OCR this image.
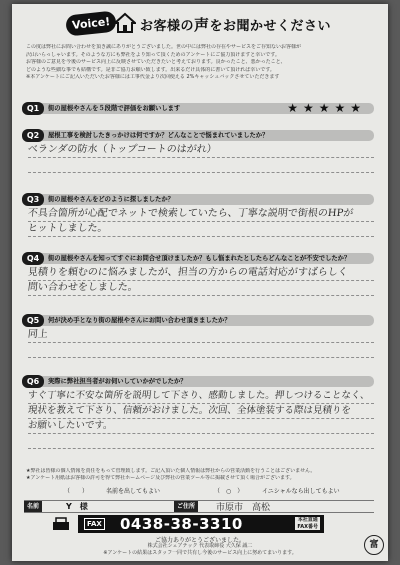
Voice!	お客様の声をお聞かせください

この度は弊社にお問い合わせを頂き誠にありがとうございました。世の中には弊社の存在やサービスをご存知ないお客様が

沢山いらっしゃいます。そのような方にも弊社をより知って頂くためのアンケートにご協力頂けますと幸いです。

お客様のご意見を今後のサービス向上に反映させていただきたいと考えております。良かったこと、悪かったこと、

どのような些細な事でも結構です。是非ご協力お願い致します。出来るだけ具体的に書いて頂ければ幸いです。

※本アンケートにご記入いただいたお客様には工事代金より次回使える 2%キャッシュバックさせていただきます

Q1	街の屋根やさんを５段階で評価をお願いします	★★★★★
Q2	屋根工事を検討したきっかけは何ですか？どんなことで悩まれていましたか？
ベランダの防水（トップコートのはがれ）
Q3	街の屋根やさんをどのように探しましたか？
不具合箇所が心配でネットで検索していたら、丁寧な説明で街根のHPが
ヒットしました。
Q4	街の屋根やさんを知ってすぐにお問合せ頂けましたか？もし悩まれたとしたらどんなことが不安でしたか？
見積りを頼むのに悩みましたが、担当の方からの電話対応がすばらしく
問い合わせをしました。
Q5	何が決め手となり街の屋根やさんにお問い合わせ頂きましたか？
同上
Q6	実際に弊社担当者がお伺いしていかがでしたか？
すぐ丁寧に不安な箇所を説明して下さり、感動しました。押しつけることなく、
現状を教えて下さり、信頼がおけました。次回、全体塗装する際は見積りを
お願いしたいです。

★弊社は皆様の個人情報を責任をもって管理致します。ご記入頂いた個人情報は弊社からの営業活動を行うことはございません。

★アンケート用紙はお客様の許可を得て弊社ホームページ及び弊社の営業ツール等に掲載させて頂く場合がございます。

（　　）	名前を出してもよい	（　○　）	イニシャルなら出してもよい
名前	Y　様	ご住所	市原市　高松
FAX 0438-38-3310	本社直通
FAX番号
ご協力ありがとうございました。
株式会社シェアテック 代表取締役 大久保 誠二
※アンケートの結果はスタッフ一同で共有し今後のサービス向上に努めてまいります。
富
